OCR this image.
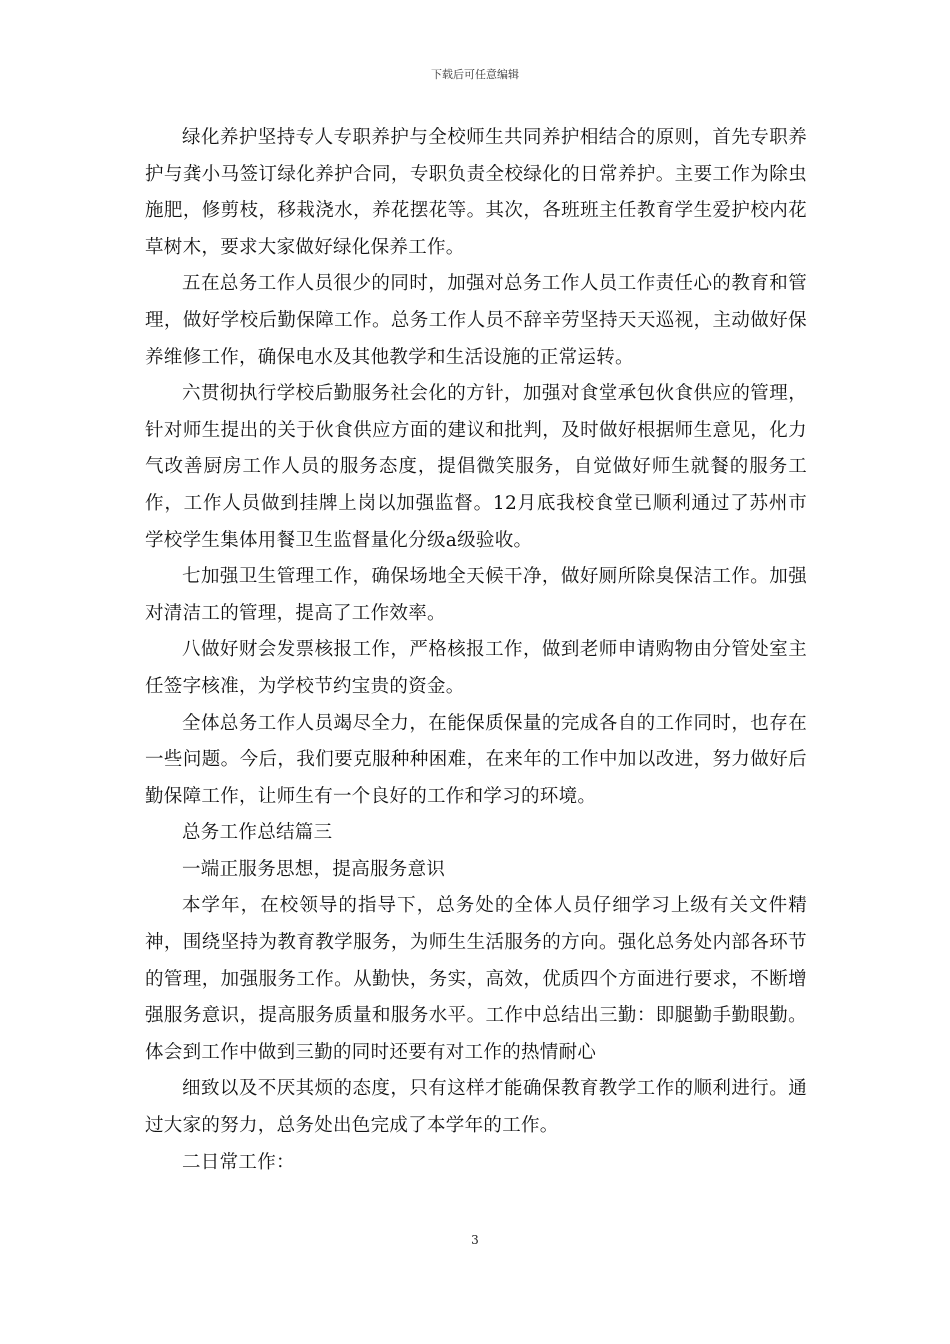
下载后可任意编辑

绿化养护坚持专人专职养护与全校师生共同养护相结合的原则，首先专职养护与龚小马签订绿化养护合同，专职负责全校绿化的日常养护。主要工作为除虫施肥，修剪枝，移栽浇水，养花摆花等。其次，各班班主任教育学生爱护校内花草树木，要求大家做好绿化保养工作。

五在总务工作人员很少的同时，加强对总务工作人员工作责任心的教育和管理，做好学校后勤保障工作。总务工作人员不辞辛劳坚持天天巡视，主动做好保养维修工作，确保电水及其他教学和生活设施的正常运转。

六贯彻执行学校后勤服务社会化的方针，加强对食堂承包伙食供应的管理，针对师生提出的关于伙食供应方面的建议和批判，及时做好根据师生意见，化力气改善厨房工作人员的服务态度，提倡微笑服务，自觉做好师生就餐的服务工作，工作人员做到挂牌上岗以加强监督。12月底我校食堂已顺利通过了苏州市学校学生集体用餐卫生监督量化分级a级验收。

七加强卫生管理工作，确保场地全天候干净，做好厕所除臭保洁工作。加强对清洁工的管理，提高了工作效率。

八做好财会发票核报工作，严格核报工作，做到老师申请购物由分管处室主任签字核准，为学校节约宝贵的资金。

全体总务工作人员竭尽全力，在能保质保量的完成各自的工作同时，也存在一些问题。今后，我们要克服种种困难，在来年的工作中加以改进，努力做好后勤保障工作，让师生有一个良好的工作和学习的环境。

总务工作总结篇三

一端正服务思想，提高服务意识

本学年，在校领导的指导下，总务处的全体人员仔细学习上级有关文件精神，围绕坚持为教育教学服务，为师生生活服务的方向。强化总务处内部各环节的管理，加强服务工作。从勤快，务实，高效，优质四个方面进行要求，不断增强服务意识，提高服务质量和服务水平。工作中总结出三勤：即腿勤手勤眼勤。体会到工作中做到三勤的同时还要有对工作的热情耐心

细致以及不厌其烦的态度，只有这样才能确保教育教学工作的顺利进行。通过大家的努力，总务处出色完成了本学年的工作。

二日常工作：

3
